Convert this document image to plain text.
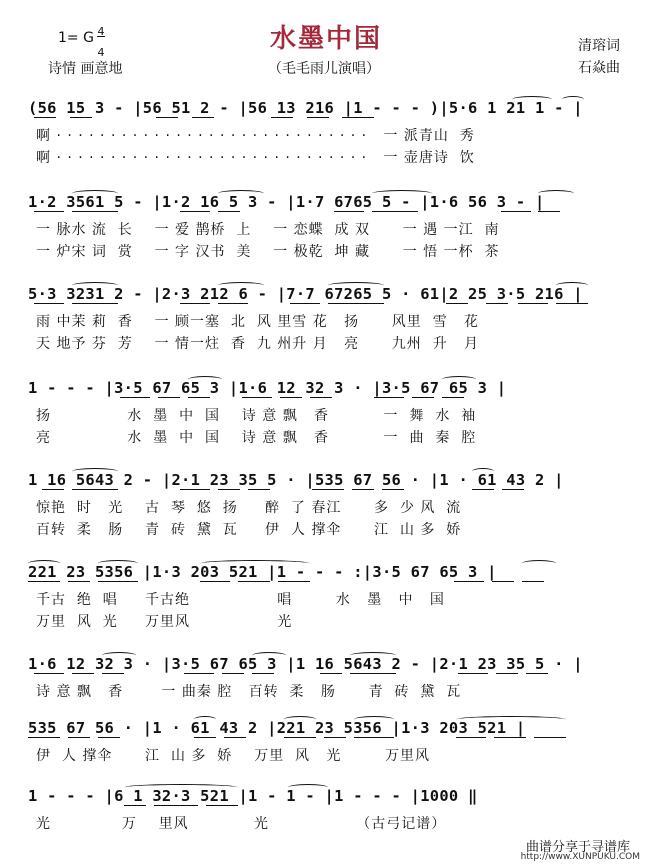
水墨中国
1= G 4
4
诗情 画意地	（毛毛雨儿演唱）
清瑢词
石焱曲
(56 15 3 - |56 51 2 - |56 13 216 |1 - - - )|5·6 1 21 1 - |
啊 · · · · · · · · · · · · · · · · · · · · · · · · · · · · ·   一 派青山  秀
啊 · · · · · · · · · · · · · · · · · · · · · · · · · · · · ·   一 壶唐诗  饮
1·2 3561 5 - |1·2 16 5 3 - |1·7 6765 5 - |1·6 56 3 - |
一 脉水 流  长    一 爱 鹊桥  上    一 恋蝶  成 双      一 遇 一江  南
一 炉宋 词  赏    一 字 汉书  美    一 极乾  坤 藏      一 悟 一杯  茶
5·3 3231 2 - |2·3 212 6 - |7·7 67265 5 · 61|2 25 3·5 216 |
雨 中茉 莉  香    一 顾一塞  北  风 里雪 花   扬      风里  雪   花
天 地予 芬  芳    一 情一炷  香  九 州升 月   亮      九州  升   月
1 - - - |3·5 67 65 3 |1·6 12 32 3 · |3·5 67 65 3 |
扬              水  墨  中  国    诗 意 飘   香          一  舞  水  袖
亮              水  墨  中  国    诗 意 飘   香          一  曲  秦  腔
1 16 5643 2 - |2·1 23 35 5 · |535 67 56 · |1 · 61 43 2 |
惊艳  时   光    古  琴  悠  扬     醉  了 春江      多  少 风  流
百转  柔   肠    青  砖  黛  瓦     伊  人 撑伞      江  山 多  娇
221 23 5356 |1·3 203 521 |1 - - - :|3·5 67 65 3 |
千古  绝  唱     千古绝                唱        水   墨   中   国
万里  风  光     万里风                光
1·6 12 32 3 · |3·5 67 65 3 |1 16 5643 2 - |2·1 23 35 5 · |
诗 意 飘   香       一 曲秦 腔   百转  柔   肠      青  砖  黛  瓦
535 67 56 · |1 · 61 43 2 |221 23 5356 |1·3 203 521 |
伊  人 撑伞      江  山 多  娇    万里  风   光        万里风
1 - - - |6 1 32·3 521 |1 - 1 - |1 - - - |1000 ‖
光             万    里风            光                （古弓记谱）
曲谱分享于寻谱库
http://www.XUNPUKU.COM
